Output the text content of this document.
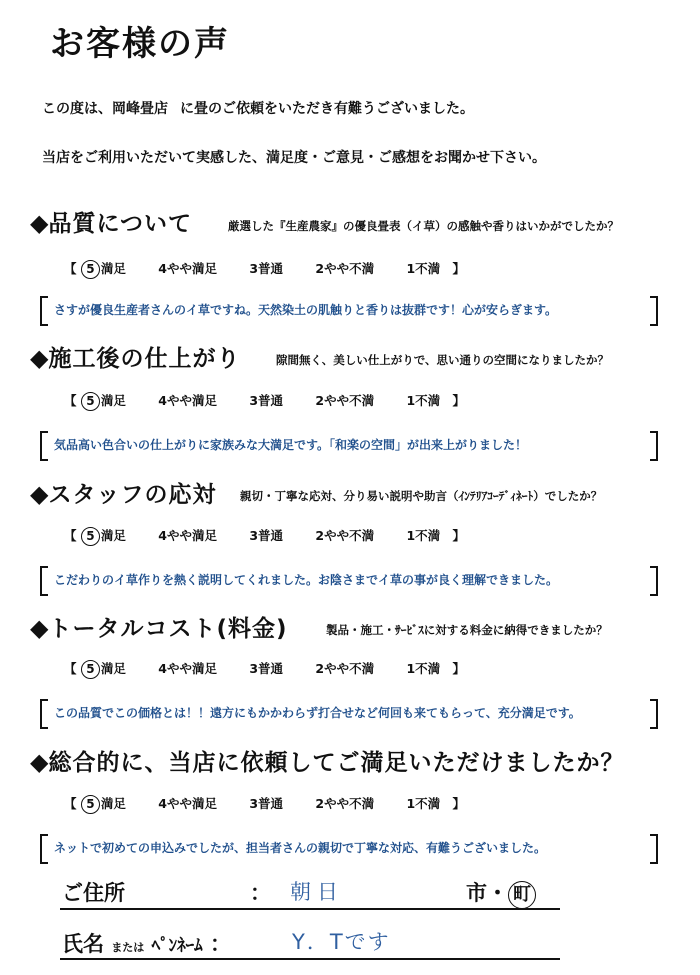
お客様の声
この度は、岡峰畳店 に畳のご依頼をいただき有難うございました。
当店をご利用いただいて実感した、満足度・ご意見・ご感想をお聞かせ下さい。
◆品質について	厳選した『生産農家』の優良畳表（イ草）の感触や香りはいかがでしたか？
【 5 満足	4やや満足	3普通	2やや不満	1不満 】
さすが優良生産者さんのイ草ですね。天然染土の肌触りと香りは抜群です！心が安らぎます。
◆施工後の仕上がり	隙間無く、美しい仕上がりで、思い通りの空間になりましたか？
【 5 満足	4やや満足	3普通	2やや不満	1不満 】
気品高い色合いの仕上がりに家族みな大満足です。「和楽の空間」が出来上がりました！
◆スタッフの応対 親切・丁寧な応対、分り易い説明や助言（ｲﾝﾃﾘｱｺｰﾃﾞｨﾈｰﾄ）でしたか？
【 5 満足	4やや満足	3普通	2やや不満	1不満 】
こだわりのイ草作りを熱く説明してくれました。お陰さまでイ草の事が良く理解できました。
◆トータルコスト(料金)	製品・施工・ｻｰﾋﾞｽに対する料金に納得できましたか？
【 5 満足	4やや満足	3普通	2やや不満	1不満 】
この品質でこの価格とは！！遠方にもかかわらず打合せなど何回も来てもらって、充分満足です。
◆総合的に、当店に依頼してご満足いただけましたか？
【 5 満足	4やや満足	3普通	2やや不満	1不満 】
ネットで初めての申込みでしたが、担当者さんの親切で丁寧な対応、有難うございました。
ご住所	： 朝日	市・ 町
氏名 または ﾍﾟﾝﾈｰﾑ ：	Y．Tです
